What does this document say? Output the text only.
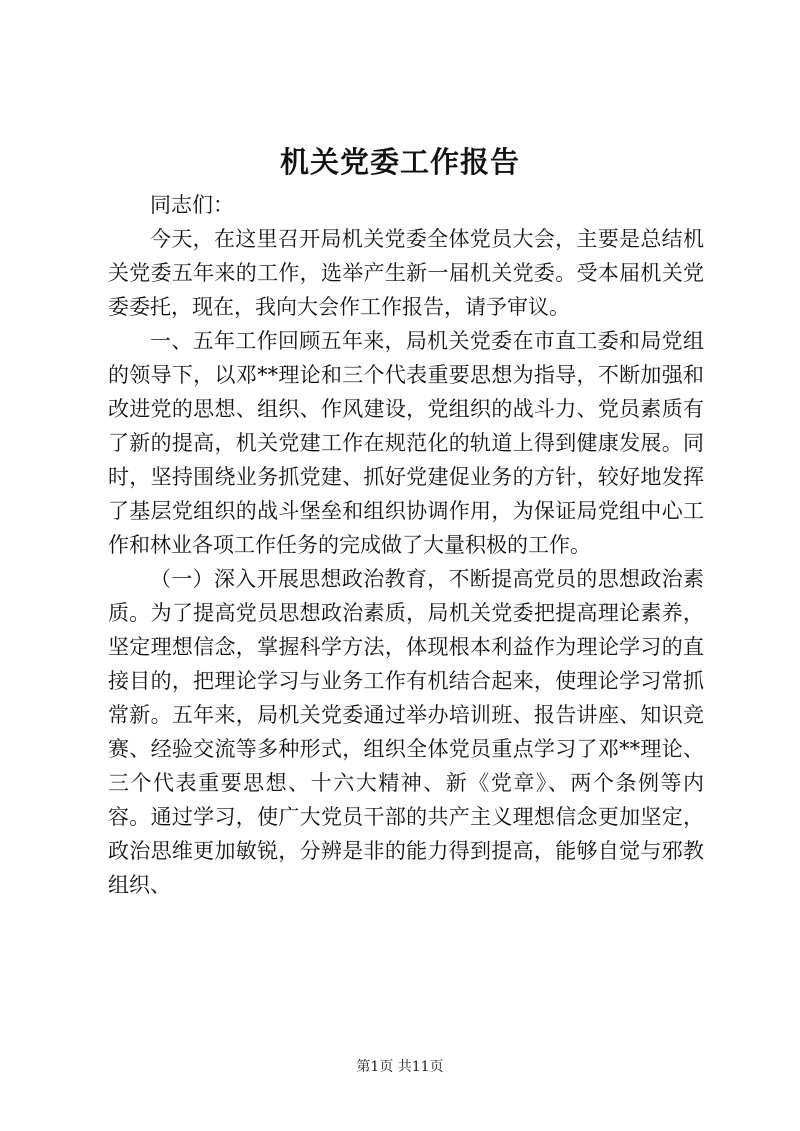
机关党委工作报告

同志们：

今天，在这里召开局机关党委全体党员大会，主要是总结机关党委五年来的工作，选举产生新一届机关党委。受本届机关党委委托，现在，我向大会作工作报告，请予审议。

一、五年工作回顾五年来，局机关党委在市直工委和局党组的领导下，以邓**理论和三个代表重要思想为指导，不断加强和改进党的思想、组织、作风建设，党组织的战斗力、党员素质有了新的提高，机关党建工作在规范化的轨道上得到健康发展。同时，坚持围绕业务抓党建、抓好党建促业务的方针，较好地发挥了基层党组织的战斗堡垒和组织协调作用，为保证局党组中心工作和林业各项工作任务的完成做了大量积极的工作。

（一）深入开展思想政治教育，不断提高党员的思想政治素质。为了提高党员思想政治素质，局机关党委把提高理论素养，坚定理想信念，掌握科学方法，体现根本利益作为理论学习的直接目的，把理论学习与业务工作有机结合起来，使理论学习常抓常新。五年来，局机关党委通过举办培训班、报告讲座、知识竞赛、经验交流等多种形式，组织全体党员重点学习了邓**理论、三个代表重要思想、十六大精神、新《党章》、两个条例等内容。通过学习，使广大党员干部的共产主义理想信念更加坚定，政治思维更加敏锐，分辨是非的能力得到提高，能够自觉与邪教组织、

第1页 共11页
